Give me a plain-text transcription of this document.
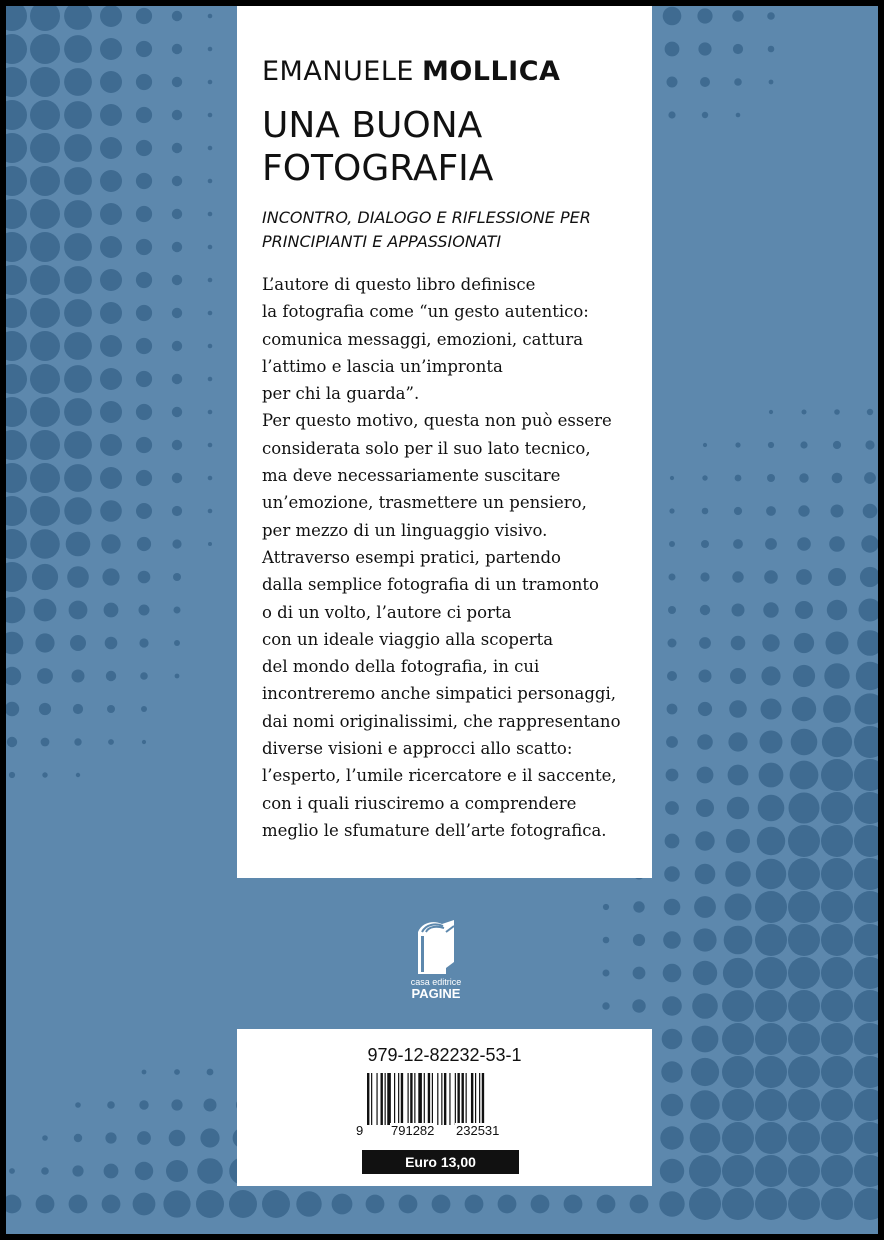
EMANUELE MOLLICA
UNA BUONA FOTOGRAFIA

INCONTRO, DIALOGO E RIFLESSIONE PER PRINCIPIANTI E APPASSIONATI

L’autore di questo libro definisce
la fotografia come “un gesto autentico:
comunica messaggi, emozioni, cattura
l’attimo e lascia un’impronta
per chi la guarda”.
Per questo motivo, questa non può essere
considerata solo per il suo lato tecnico,
ma deve necessariamente suscitare
un’emozione, trasmettere un pensiero,
per mezzo di un linguaggio visivo.
Attraverso esempi pratici, partendo
dalla semplice fotografia di un tramonto
o di un volto, l’autore ci porta
con un ideale viaggio alla scoperta
del mondo della fotografia, in cui
incontreremo anche simpatici personaggi,
dai nomi originalissimi, che rappresentano
diverse visioni e approcci allo scatto:
l’esperto, l’umile ricercatore e il saccente,
con i quali riusciremo a comprendere
meglio le sfumature dell’arte fotografica.
casa editrice
PAGINE
979-12-82232-53-1
9 791282 232531
Euro 13,00
